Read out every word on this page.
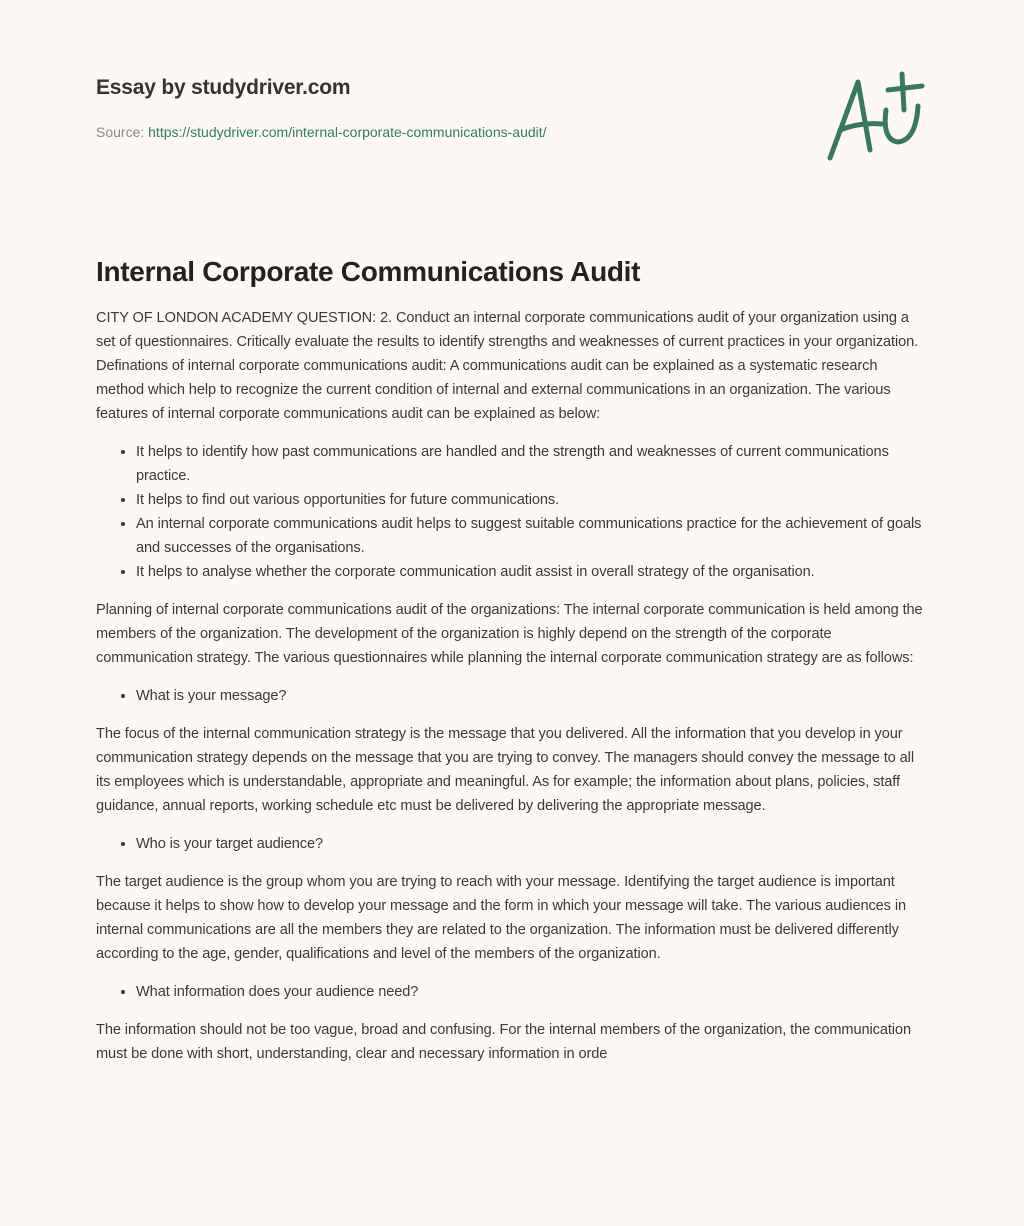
Essay by studydriver.com
Source: https://studydriver.com/internal-corporate-communications-audit/
Internal Corporate Communications Audit

CITY OF LONDON ACADEMY QUESTION: 2. Conduct an internal corporate communications audit of your organization using a set of questionnaires. Critically evaluate the results to identify strengths and weaknesses of current practices in your organization. Definations of internal corporate communications audit: A communications audit can be explained as a systematic research method which help to recognize the current condition of internal and external communications in an organization. The various features of internal corporate communications audit can be explained as below:

• It helps to identify how past communications are handled and the strength and weaknesses of current communications practice.
• It helps to find out various opportunities for future communications.
• An internal corporate communications audit helps to suggest suitable communications practice for the achievement of goals and successes of the organisations.
• It helps to analyse whether the corporate communication audit assist in overall strategy of the organisation.

Planning of internal corporate communications audit of the organizations: The internal corporate communication is held among the members of the organization. The development of the organization is highly depend on the strength of the corporate communication strategy. The various questionnaires while planning the internal corporate communication strategy are as follows:

• What is your message?

The focus of the internal communication strategy is the message that you delivered. All the information that you develop in your communication strategy depends on the message that you are trying to convey. The managers should convey the message to all its employees which is understandable, appropriate and meaningful. As for example; the information about plans, policies, staff guidance, annual reports, working schedule etc must be delivered by delivering the appropriate message.

• Who is your target audience?

The target audience is the group whom you are trying to reach with your message. Identifying the target audience is important because it helps to show how to develop your message and the form in which your message will take. The various audiences in internal communications are all the members they are related to the organization. The information must be delivered differently according to the age, gender, qualifications and level of the members of the organization.

• What information does your audience need?

The information should not be too vague, broad and confusing. For the internal members of the organization, the communication must be done with short, understanding, clear and necessary information in orde
